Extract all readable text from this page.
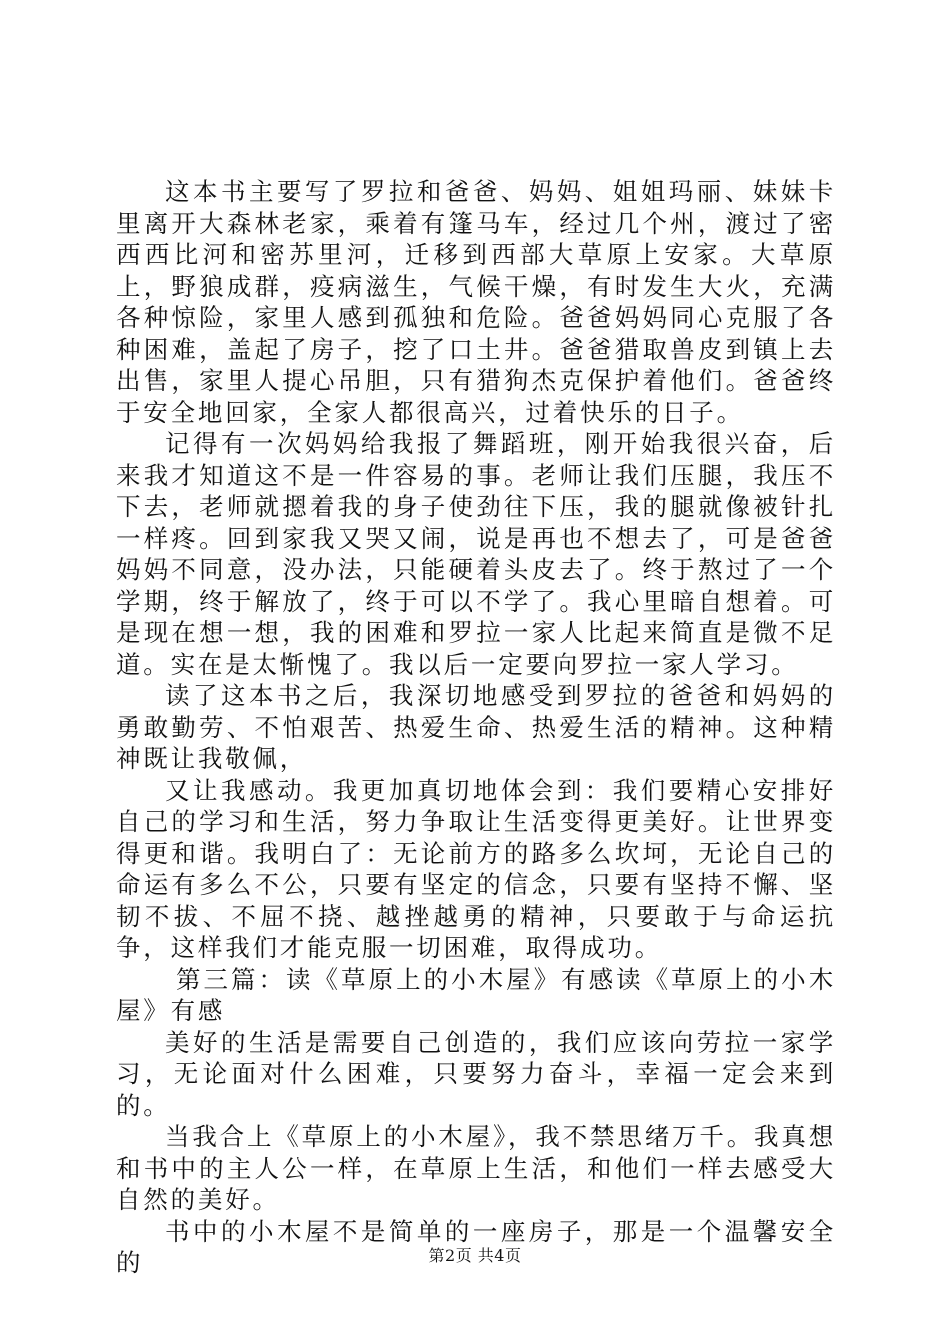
这本书主要写了罗拉和爸爸、妈妈、姐姐玛丽、妹妹卡里离开大森林老家，乘着有篷马车，经过几个州，渡过了密西西比河和密苏里河，迁移到西部大草原上安家。大草原上，野狼成群，疫病滋生，气候干燥，有时发生大火，充满各种惊险，家里人感到孤独和危险。爸爸妈妈同心克服了各种困难，盖起了房子，挖了口土井。爸爸猎取兽皮到镇上去出售，家里人提心吊胆，只有猎狗杰克保护着他们。爸爸终于安全地回家，全家人都很高兴，过着快乐的日子。

记得有一次妈妈给我报了舞蹈班，刚开始我很兴奋，后来我才知道这不是一件容易的事。老师让我们压腿，我压不下去，老师就摁着我的身子使劲往下压，我的腿就像被针扎一样疼。回到家我又哭又闹，说是再也不想去了，可是爸爸妈妈不同意，没办法，只能硬着头皮去了。终于熬过了一个学期，终于解放了，终于可以不学了。我心里暗自想着。可是现在想一想，我的困难和罗拉一家人比起来简直是微不足道。实在是太惭愧了。我以后一定要向罗拉一家人学习。

读了这本书之后，我深切地感受到罗拉的爸爸和妈妈的勇敢勤劳、不怕艰苦、热爱生命、热爱生活的精神。这种精神既让我敬佩，

又让我感动。我更加真切地体会到：我们要精心安排好自己的学习和生活，努力争取让生活变得更美好。让世界变得更和谐。我明白了：无论前方的路多么坎坷，无论自己的命运有多么不公，只要有坚定的信念，只要有坚持不懈、坚韧不拔、不屈不挠、越挫越勇的精神，只要敢于与命运抗争，这样我们才能克服一切困难，取得成功。

第三篇：读《草原上的小木屋》有感读《草原上的小木屋》有感

美好的生活是需要自己创造的，我们应该向劳拉一家学习，无论面对什么困难，只要努力奋斗，幸福一定会来到的。

当我合上《草原上的小木屋》，我不禁思绪万千。我真想和书中的主人公一样，在草原上生活，和他们一样去感受大自然的美好。

书中的小木屋不是简单的一座房子，那是一个温馨安全的	第2页 共4页
